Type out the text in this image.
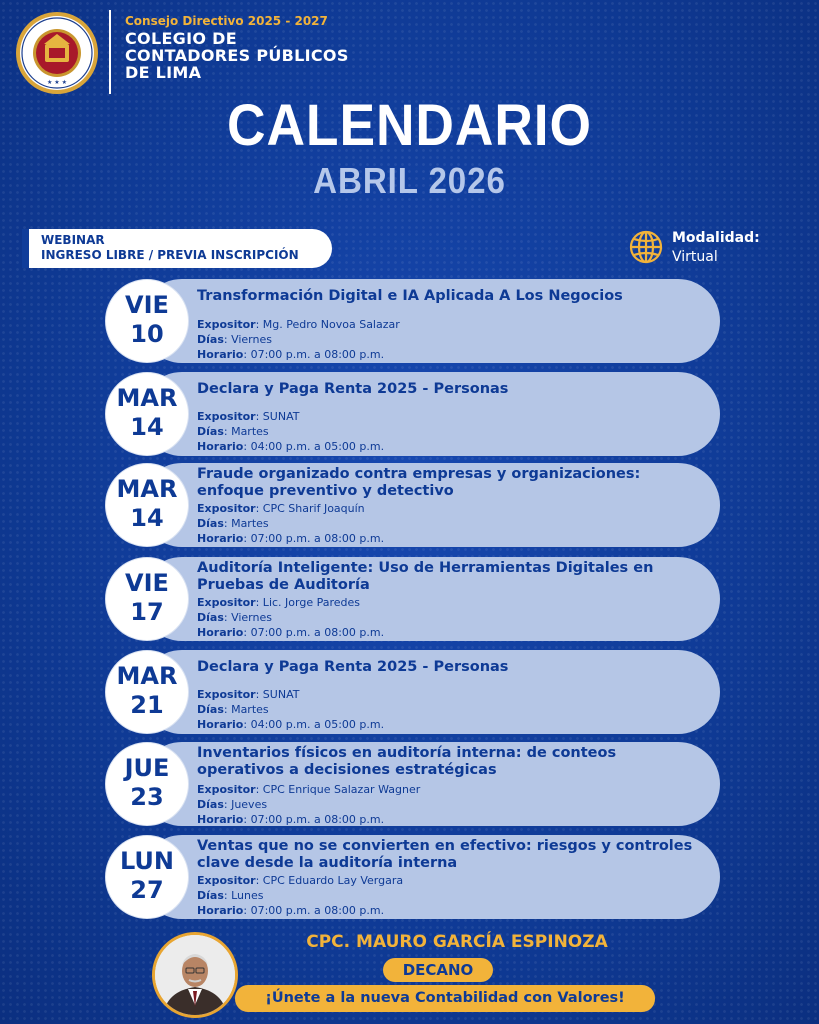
★ ★ ★
Consejo Directivo 2025 - 2027
COLEGIO DE
CONTADORES PÚBLICOS
DE LIMA
CALENDARIO
ABRIL 2026
WEBINAR
INGRESO LIBRE / PREVIA INSCRIPCIÓN
Modalidad:
Virtual
VIE
10
Transformación Digital e IA Aplicada A Los Negocios
Expositor: Mg. Pedro Novoa Salazar
Días: Viernes
Horario: 07:00 p.m. a 08:00 p.m.
MAR
14
Declara y Paga Renta 2025 - Personas
Expositor: SUNAT
Días: Martes
Horario: 04:00 p.m. a 05:00 p.m.
MAR
14
Fraude organizado contra empresas y organizaciones: enfoque preventivo y detectivo
Expositor: CPC Sharif Joaquín
Días: Martes
Horario: 07:00 p.m. a 08:00 p.m.
VIE
17
Auditoría Inteligente: Uso de Herramientas Digitales en Pruebas de Auditoría
Expositor: Lic. Jorge Paredes
Días: Viernes
Horario: 07:00 p.m. a 08:00 p.m.
MAR
21
Declara y Paga Renta 2025 - Personas
Expositor: SUNAT
Días: Martes
Horario: 04:00 p.m. a 05:00 p.m.
JUE
23
Inventarios físicos en auditoría interna: de conteos operativos a decisiones estratégicas
Expositor: CPC Enrique Salazar Wagner
Días: Jueves
Horario: 07:00 p.m. a 08:00 p.m.
LUN
27
Ventas que no se convierten en efectivo: riesgos y controles clave desde la auditoría interna
Expositor: CPC Eduardo Lay Vergara
Días: Lunes
Horario: 07:00 p.m. a 08:00 p.m.
CPC. MAURO GARCÍA ESPINOZA
DECANO
¡Únete a la nueva Contabilidad con Valores!
